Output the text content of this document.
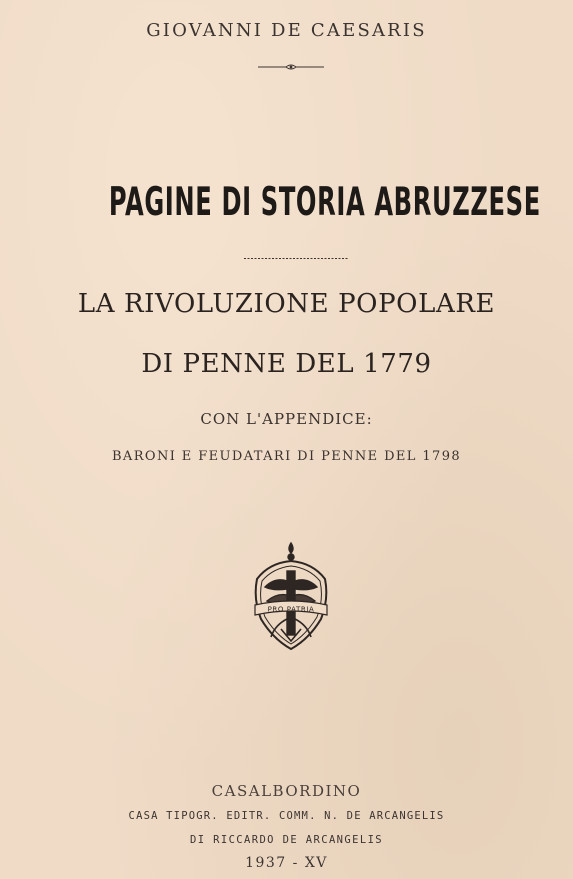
GIOVANNI DE CAESARIS
PAGINE DI STORIA ABRUZZESE
LA RIVOLUZIONE POPOLARE
DI PENNE DEL 1779
CON L'APPENDICE:
BARONI E FEUDATARI DI PENNE DEL 1798
PRO PATRIA
CASALBORDINO
CASA TIPOGR. EDITR. COMM. N. DE ARCANGELIS
DI RICCARDO DE ARCANGELIS
1937 - XV
